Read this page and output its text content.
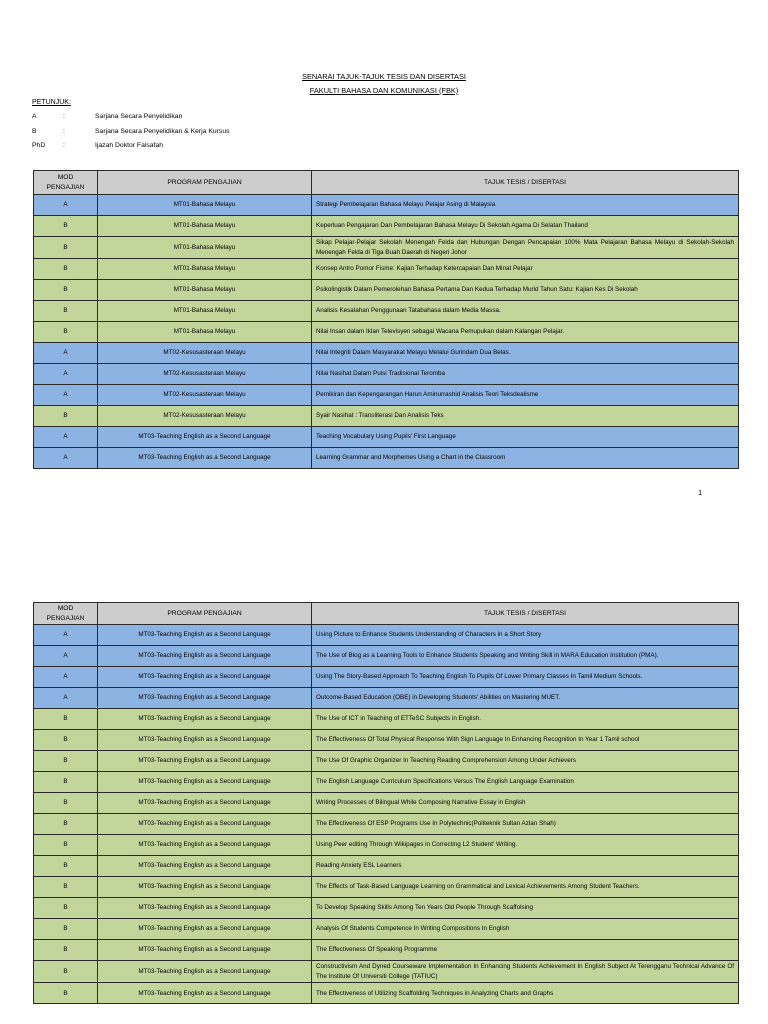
SENARAI TAJUK-TAJUK TESIS DAN DISERTASI
FAKULTI BAHASA DAN KOMUNIKASI (FBK)
PETUNJUK:
A	:	Sarjana Secara Penyelidikan
B	:	Sarjana Secara Penyelidikan & Kerja Kursus
PhD	:	Ijazah Doktor Falsafah
MOD PENGAJIAN	PROGRAM PENGAJIAN	TAJUK TESIS / DISERTASI
A	MT01-Bahasa Melayu	Strategi Pembelajaran Bahasa Melayu Pelajar Asing di Malaysia
B	MT01-Bahasa Melayu	Keperluan Pengajaran Dan Pembelajaran Bahasa Melayu Di Sekolah Agama Di Selatan Thailand
B	MT01-Bahasa Melayu	Sikap Pelajar-Pelajar Sekolah Menengah Felda dan Hubungan Dengan Pencapaian 100% Mata Pelajaran Bahasa Melayu di Sekolah-Sekolah Menengah Felda di Tiga Buah Daerah di Negeri Johor
B	MT01-Bahasa Melayu	Konsep Antro Pomor Fisme: Kajian Terhadap Ketercapaian Dan Minat Pelajar
B	MT01-Bahasa Melayu	Psikolingistik Dalam Pemerolehan Bahasa Pertama Dan Kedua Terhadap Murid Tahun Satu: Kajian Kes Di Sekolah
B	MT01-Bahasa Melayu	Analisis Kesalahan Penggunaan Tatabahasa dalam Media Massa.
B	MT01-Bahasa Melayu	Nilai Insan dalam Iklan Televisyen sebagai Wacana Pemupukan dalam Kalangan Pelajar.
A	MT02-Kesusasteraan Melayu	Nilai Integriti Dalam Masyarakat Melayu Melalui Gurindam Dua Belas.
A	MT02-Kesusasteraan Melayu	Nilai Nasihat Dalam Puisi Tradisional Teromba
A	MT02-Kesusasteraan Melayu	Pemikiran dan Kepengarangan Harun Aminurrashid Analisis Teori Teksdealisme
B	MT02-Kesusasteraan Melayu	Syair Nasihat : Transliterasi Dan Analisis Teks
A	MT03-Teaching English as a Second Language	Teaching Vocabulary Using Pupils' First Language
A	MT03-Teaching English as a Second Language	Learning Grammar and Morphemes Using a Chart in the Classroom
1
MOD PENGAJIAN	PROGRAM PENGAJIAN	TAJUK TESIS / DISERTASI
A	MT03-Teaching English as a Second Language	Using Picture to Enhance Students Understanding of Characters in a Short Story
A	MT03-Teaching English as a Second Language	The Use of Blog as a Learning Tools to Enhance Students Speaking and Writing Skill in MARA Education Institution (PMA).
A	MT03-Teaching English as a Second Language	Using The Story-Based Approach To Teaching English To Pupils Of Lower Primary Classes In Tamil Medium Schools.
A	MT03-Teaching English as a Second Language	Outcome-Based Education (OBE) in Developing Students' Abilities on Mastering MUET.
B	MT03-Teaching English as a Second Language	The Use of ICT in Teaching of ETTeSC Subjects in English.
B	MT03-Teaching English as a Second Language	The Effectiveness Of Total Physical Response With Sign Language In Enhancing Recognition In Year 1 Tamil school
B	MT03-Teaching English as a Second Language	The Use Of Graphic Organizer In Teaching Reading Comprehension Among Under Achievers
B	MT03-Teaching English as a Second Language	The English Language Curriculum Specifications Versus The English Language Examination
B	MT03-Teaching English as a Second Language	Writing Processes of Bilingual While Composing Narrative Essay in English
B	MT03-Teaching English as a Second Language	The Effectiveness Of ESP Programs Use In Polytechnic(Politeknik Sultan Azlan Shah)
B	MT03-Teaching English as a Second Language	Using Peer editing Through Wikipages in Correcting L2 Student' Writing.
B	MT03-Teaching English as a Second Language	Reading Anxiety ESL Learners
B	MT03-Teaching English as a Second Language	The Effects of Task-Based Language Learning on Grammatical and Lexical Achievements Among Student Teachers.
B	MT03-Teaching English as a Second Language	To Develop Speaking Skills Among Ten Years Old People Through Scaffolsing
B	MT03-Teaching English as a Second Language	Analysis Of Students Competence In Writing Compositions In English
B	MT03-Teaching English as a Second Language	The Effectiveness Of Speaking Programme
B	MT03-Teaching English as a Second Language	Constructivism And Dyned Courseware Implementation In Enhancing Students Achievement In English Subject At Terengganu Technical Advance Of The Institute Of Universiti College (TATIUC)
B	MT03-Teaching English as a Second Language	The Effectiveness of Utilizing Scaffolding Techniques in Analyzing Charts and Graphs
